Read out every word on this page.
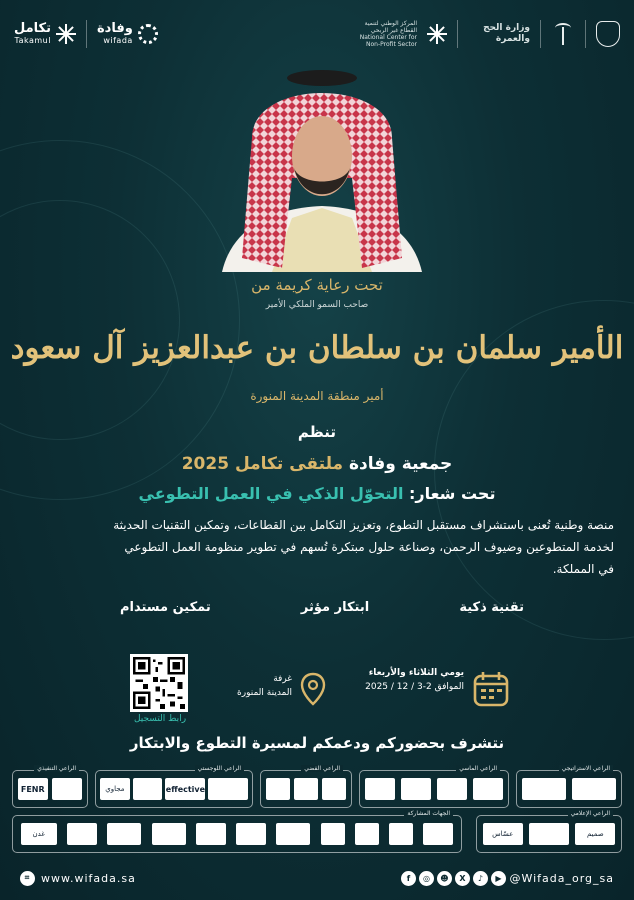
تكامل
Takamul
وفادة
wifada
المركز الوطني لتنمية القطاع غير الربحي
National Center for Non-Profit Sector
وزارة الحج والعمرة
تحت رعاية كريمة من
صاحب السمو الملكي الأمير
الأمير سلمان بن سلطان بن عبدالعزيز آل سعود
أمير منطقة المدينة المنورة
تنظم
جمعية وفادة ملتقى تكامل 2025
تحت شعار: التحوّل الذكي في العمل التطوعي
منصة وطنية تُعنى باستشراف مستقبل التطوع، وتعزيز التكامل بين القطاعات، وتمكين التقنيات الحديثة لخدمة المتطوعين وضيوف الرحمن، وصناعة حلول مبتكرة تُسهم في تطوير منظومة العمل التطوعي في المملكة.
تقنية ذكية
ابتكار مؤثر
تمكين مستدام
رابط التسجيل
غرفة
المدينة المنورة
يومي الثلاثاء والأربعاء
الموافق 2-3 / 12 / 2025
نتشرف بحضوركم ودعمكم لمسيرة التطوع والابتكار
الراعي الاستراتيجي
الراعي الماسي
الراعي الفضي
الراعي اللوجستي
effective
مجاوي
الراعي التنفيذي
FENR
الراعي الإعلامي
صميم
عسّاس
الجهات المشاركة
غدن
⌗ www.wifada.sa	f	◎	☻	X	♪	▶ @Wifada_org_sa
